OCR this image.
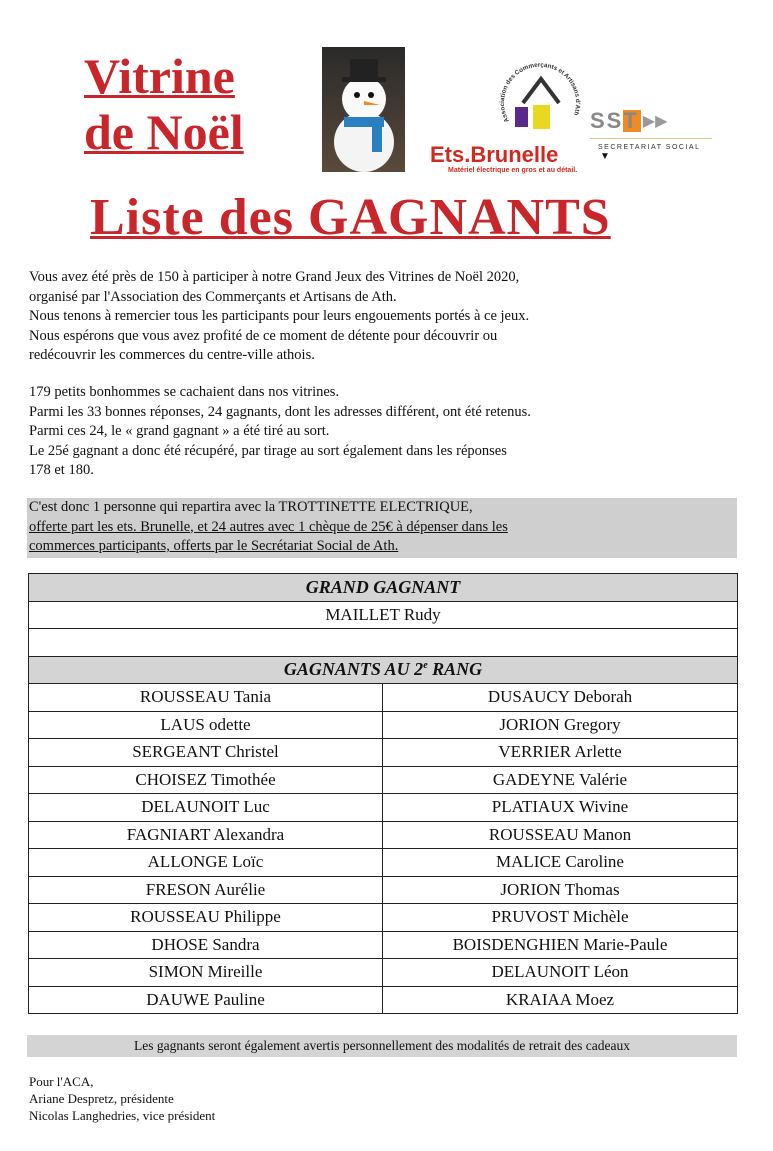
Vitrine
de Noël	Association des Commerçants et Artisans d'Ath
Ets.Brunelle
Matériel électrique en gros et au détail.
SST ▶▶
SECRETARIAT SOCIAL
▼
Liste des GAGNANTS
Vous avez été près de 150 à participer à notre Grand Jeux des Vitrines de Noël 2020,
organisé par l'Association des Commerçants et Artisans de Ath.
Nous tenons à remercier tous les participants pour leurs engouements portés à ce jeux.
Nous espérons que vous avez profité de ce moment de détente pour découvrir ou
redécouvrir les commerces du centre-ville athois.
179 petits bonhommes se cachaient dans nos vitrines.
Parmi les 33 bonnes réponses, 24 gagnants, dont les adresses différent, ont été retenus.
Parmi ces 24, le « grand gagnant » a été tiré au sort.
Le 25é gagnant a donc été récupéré, par tirage au sort également dans les réponses
178 et 180.
C'est donc 1 personne qui repartira avec la TROTTINETTE ELECTRIQUE,
offerte part les ets. Brunelle, et 24 autres avec 1 chèque de 25€ à dépenser dans les
commerces participants, offerts par le Secrétariat Social de Ath.
GRAND GAGNANT	
MAILLET Rudy	

GAGNANTS AU 2e RANG	
ROUSSEAU Tania	DUSAUCY Deborah
LAUS odette	JORION Gregory
SERGEANT Christel	VERRIER Arlette
CHOISEZ Timothée	GADEYNE Valérie
DELAUNOIT Luc	PLATIAUX Wivine
FAGNIART Alexandra	ROUSSEAU Manon
ALLONGE Loïc	MALICE Caroline
FRESON Aurélie	JORION Thomas
ROUSSEAU Philippe	PRUVOST Michèle
DHOSE Sandra	BOISDENGHIEN Marie-Paule
SIMON Mireille	DELAUNOIT Léon
DAUWE Pauline	KRAIAA Moez
Les gagnants seront également avertis personnellement des modalités de retrait des cadeaux
Pour l'ACA,
Ariane Despretz, présidente
Nicolas Langhedries, vice président
